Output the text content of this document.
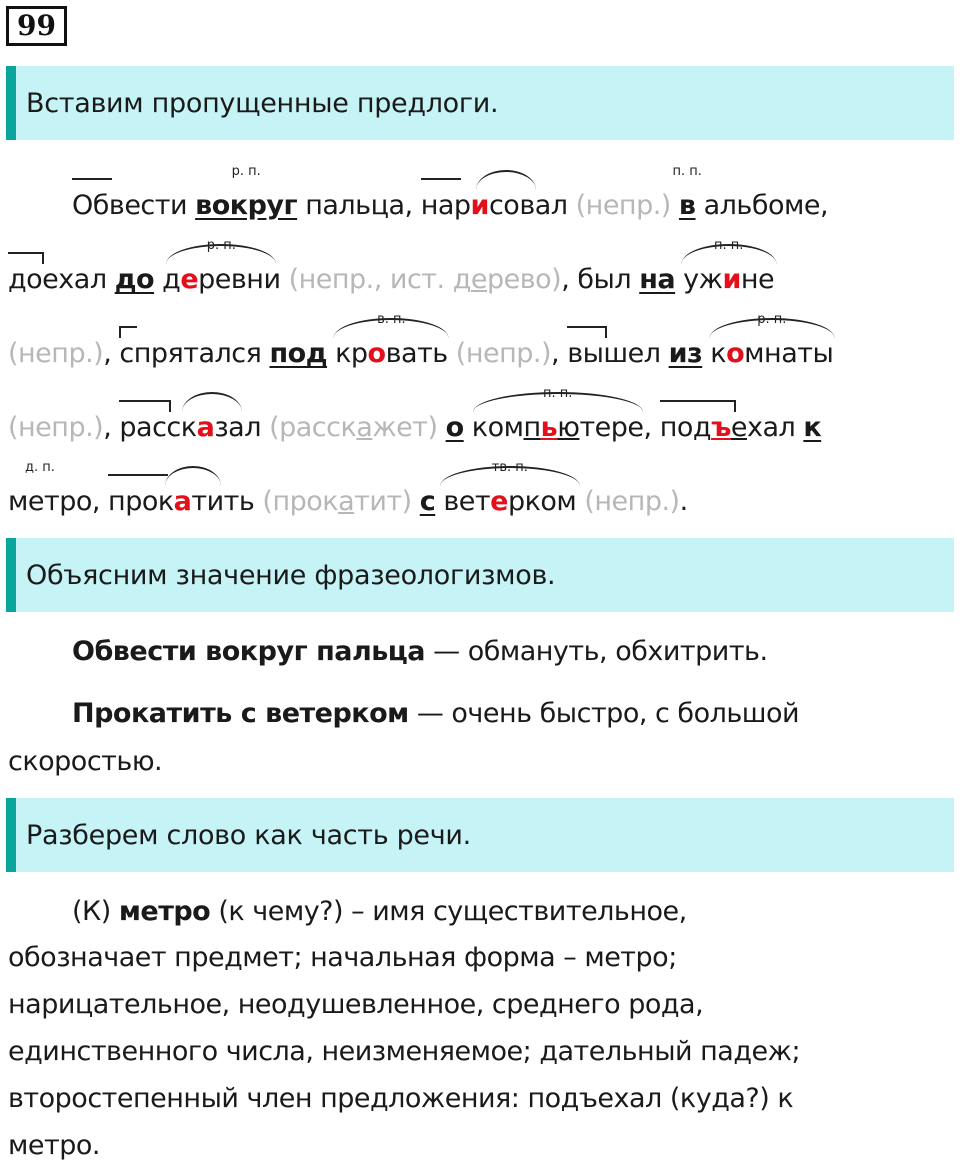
99
Вставим пропущенные предлоги.
Обвести
р. п.
вокруг пальца,
нарисовал (непр.)
п. п.
в альбоме,
доехал до
р. п.
деревни (непр., ист. дерево), был на
п. п.
ужине
(непр.),
спрятался под
в. п.
кровать (непр.),
вышел из
р. п.
комнаты
(непр.),
рассказал (расскажет) о
п. п.
компьютере,
подъехал к
д. п.
метро,
прокатить (прокатит) с
тв. п.
ветерком (непр.).
Объясним значение фразеологизмов.
Обвести вокруг пальца — обмануть, обхитрить.
Прокатить с ветерком — очень быстро, с большой
скоростью.
Разберем слово как часть речи.
(К) метро (к чему?) – имя существительное,
обозначает предмет; начальная форма – метро;
нарицательное, неодушевленное, среднего рода,
единственного числа, неизменяемое; дательный падеж;
второстепенный член предложения: подъехал (куда?) к
метро.
